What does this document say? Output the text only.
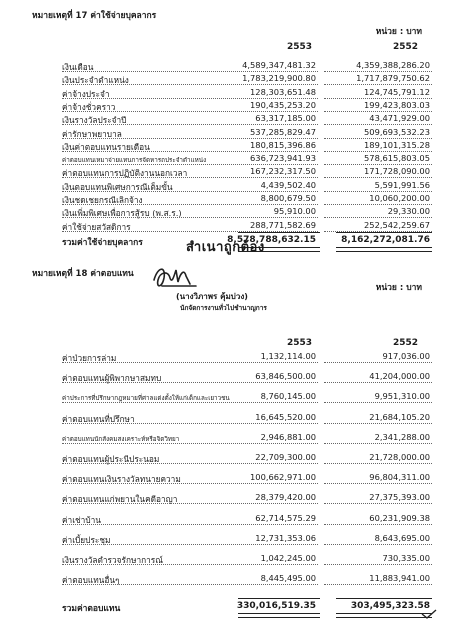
หมายเหตุที่ 17 ค่าใช้จ่ายบุคลากร
หน่วย : บาท
2553	2552
เงินเดือน	4,589,347,481.32	4,359,388,286.20
เงินประจำตำแหน่ง	1,783,219,900.80	1,717,879,750.62
ค่าจ้างประจำ	128,303,651.48	124,745,791.12
ค่าจ้างชั่วคราว	190,435,253.20	199,423,803.03
เงินรางวัลประจำปี	63,317,185.00	43,471,929.00
ค่ารักษาพยาบาล	537,285,829.47	509,693,532.23
เงินค่าตอบแทนรายเดือน	180,815,396.86	189,101,315.28
ค่าตอบแทนเหมาจ่ายแทนการจัดหารถประจำตำแหน่ง	636,723,941.93	578,615,803.05
ค่าตอบแทนการปฏิบัติงานนอกเวลา	167,232,317.50	171,728,090.00
เงินตอบแทนพิเศษการณีเต็มขั้น	4,439,502.40	5,591,991.56
เงินชดเชยกรณีเลิกจ้าง	8,800,679.50	10,060,200.00
เงินเพิ่มพิเศษเพื่อการสู้รบ (พ.ส.ร.)	95,910.00	29,330.00
ค่าใช้จ่ายสวัสดิการ	288,771,582.69	252,542,259.67
รวมค่าใช้จ่ายบุคลากร	8,578,788,632.15	8,162,272,081.76
สำเนาถูกต้อง
(นางวิภาพร คุ้มบ่วง)
นักจัดการงานทั่วไปชำนาญการ
หมายเหตุที่ 18 ค่าตอบแทน
หน่วย : บาท
2553	2552
ค่าป่วยการล่าม	1,132,114.00	917,036.00
ค่าตอบแทนผู้พิพากษาสมทบ	63,846,500.00	41,204,000.00
ค่าประการที่ปรึกษากฎหมายที่ศาลแต่งตั้งให้แก่เด็กและเยาวชน	8,760,145.00	9,951,310.00
ค่าตอบแทนที่ปรึกษา	16,645,520.00	21,684,105.20
ค่าตอบแทนนักสังคมสงเคราะห์หรือจิตวิทยา	2,946,881.00	2,341,288.00
ค่าตอบแทนผู้ประนีประนอม	22,709,300.00	21,728,000.00
ค่าตอบแทนเงินรางวัลทนายความ	100,662,971.00	96,804,311.00
ค่าตอบแทนแก่พยานในคดีอาญา	28,379,420.00	27,375,393.00
ค่าเช่าบ้าน	62,714,575.29	60,231,909.38
ค่าเบี้ยประชุม	12,731,353.06	8,643,695.00
เงินรางวัลตำรวจรักษาการณ์	1,042,245.00	730,335.00
ค่าตอบแทนอื่นๆ	8,445,495.00	11,883,941.00
รวมค่าตอบแทน	330,016,519.35	303,495,323.58
